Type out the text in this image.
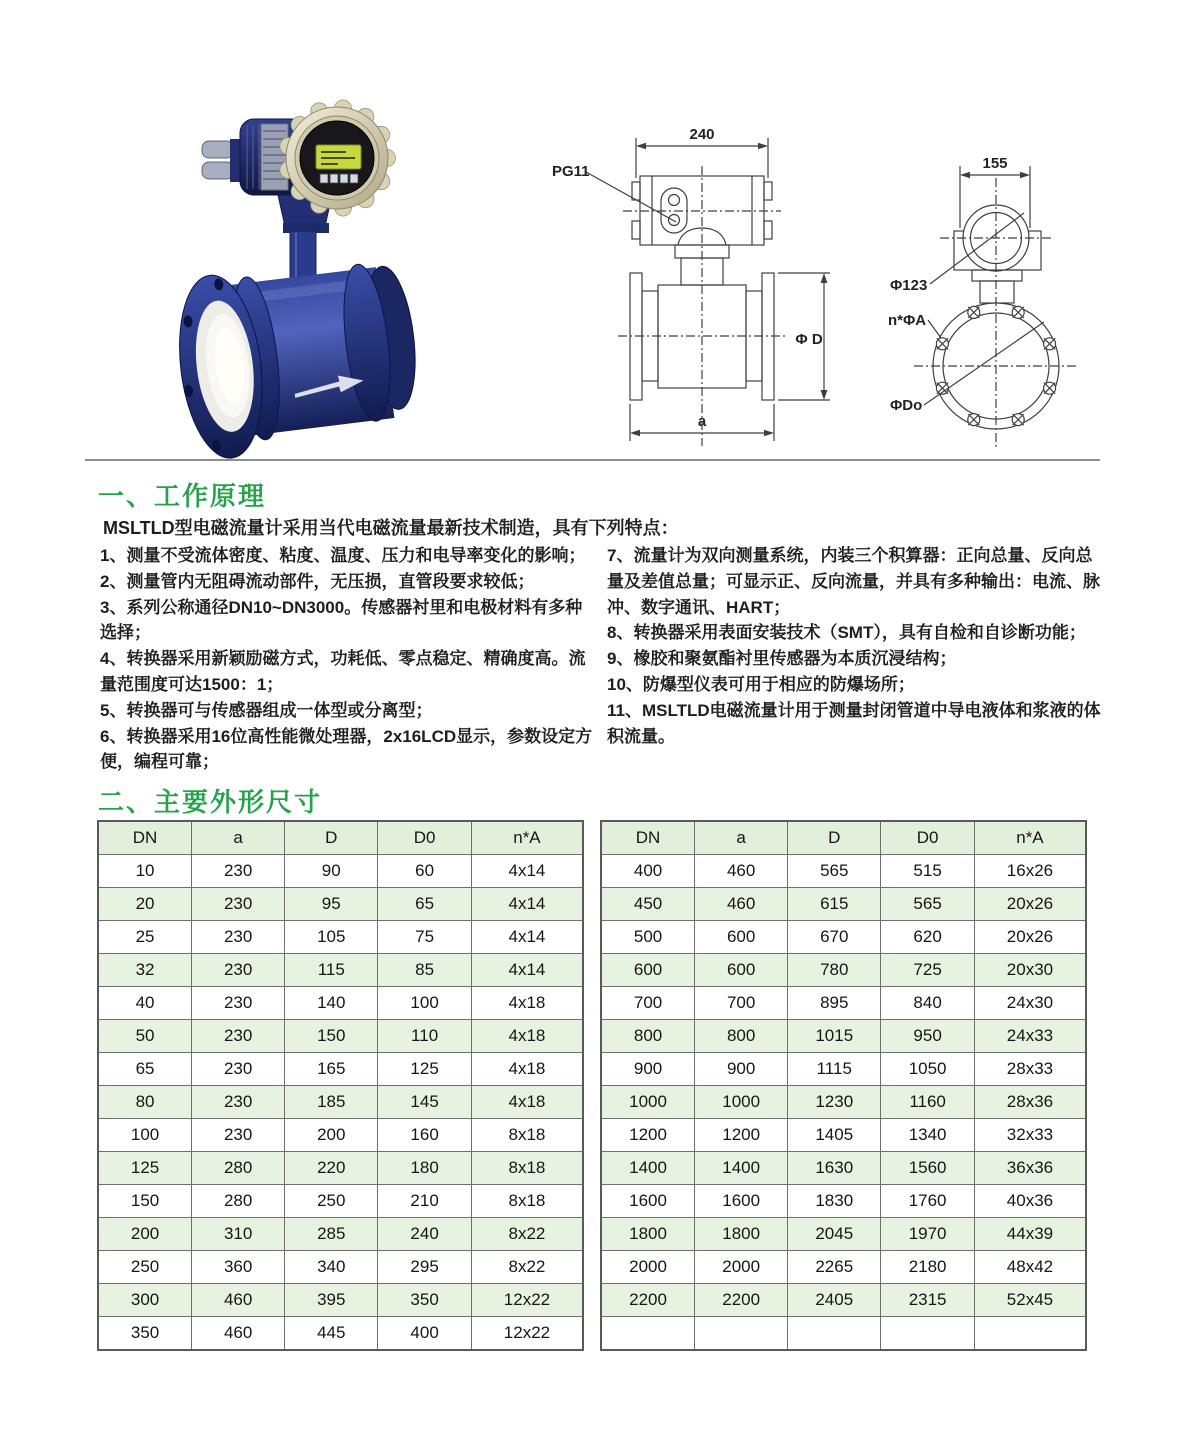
240
PG11
Φ D
a
155
Φ123
n*ΦA
ΦDo
一、工作原理

MSLTLD型电磁流量计采用当代电磁流量最新技术制造，具有下列特点：

1、测量不受流体密度、粘度、温度、压力和电导率变化的影响；

2、测量管内无阻碍流动部件，无压损，直管段要求较低；

3、系列公称通径DN10~DN3000。传感器衬里和电极材料有多种选择；

4、转换器采用新颖励磁方式，功耗低、零点稳定、精确度高。流量范围度可达1500：1；

5、转换器可与传感器组成一体型或分离型；

6、转换器采用16位高性能微处理器，2x16LCD显示，参数设定方便，编程可靠；

7、流量计为双向测量系统，内装三个积算器：正向总量、反向总量及差值总量；可显示正、反向流量，并具有多种输出：电流、脉冲、数字通讯、HART；

8、转换器采用表面安装技术（SMT），具有自检和自诊断功能；

9、橡胶和聚氨酯衬里传感器为本质沉浸结构；

10、防爆型仪表可用于相应的防爆场所；

11、MSLTLD电磁流量计用于测量封闭管道中导电液体和浆液的体积流量。

二、主要外形尺寸
DN	a	D	D0	n*A
10	230	90	60	4x14
20	230	95	65	4x14
25	230	105	75	4x14
32	230	115	85	4x14
40	230	140	100	4x18
50	230	150	110	4x18
65	230	165	125	4x18
80	230	185	145	4x18
100	230	200	160	8x18
125	280	220	180	8x18
150	280	250	210	8x18
200	310	285	240	8x22
250	360	340	295	8x22
300	460	395	350	12x22
350	460	445	400	12x22
DN	a	D	D0	n*A
400	460	565	515	16x26
450	460	615	565	20x26
500	600	670	620	20x26
600	600	780	725	20x30
700	700	895	840	24x30
800	800	1015	950	24x33
900	900	1115	1050	28x33
1000	1000	1230	1160	28x36
1200	1200	1405	1340	32x33
1400	1400	1630	1560	36x36
1600	1600	1830	1760	40x36
1800	1800	2045	1970	44x39
2000	2000	2265	2180	48x42
2200	2200	2405	2315	52x45
